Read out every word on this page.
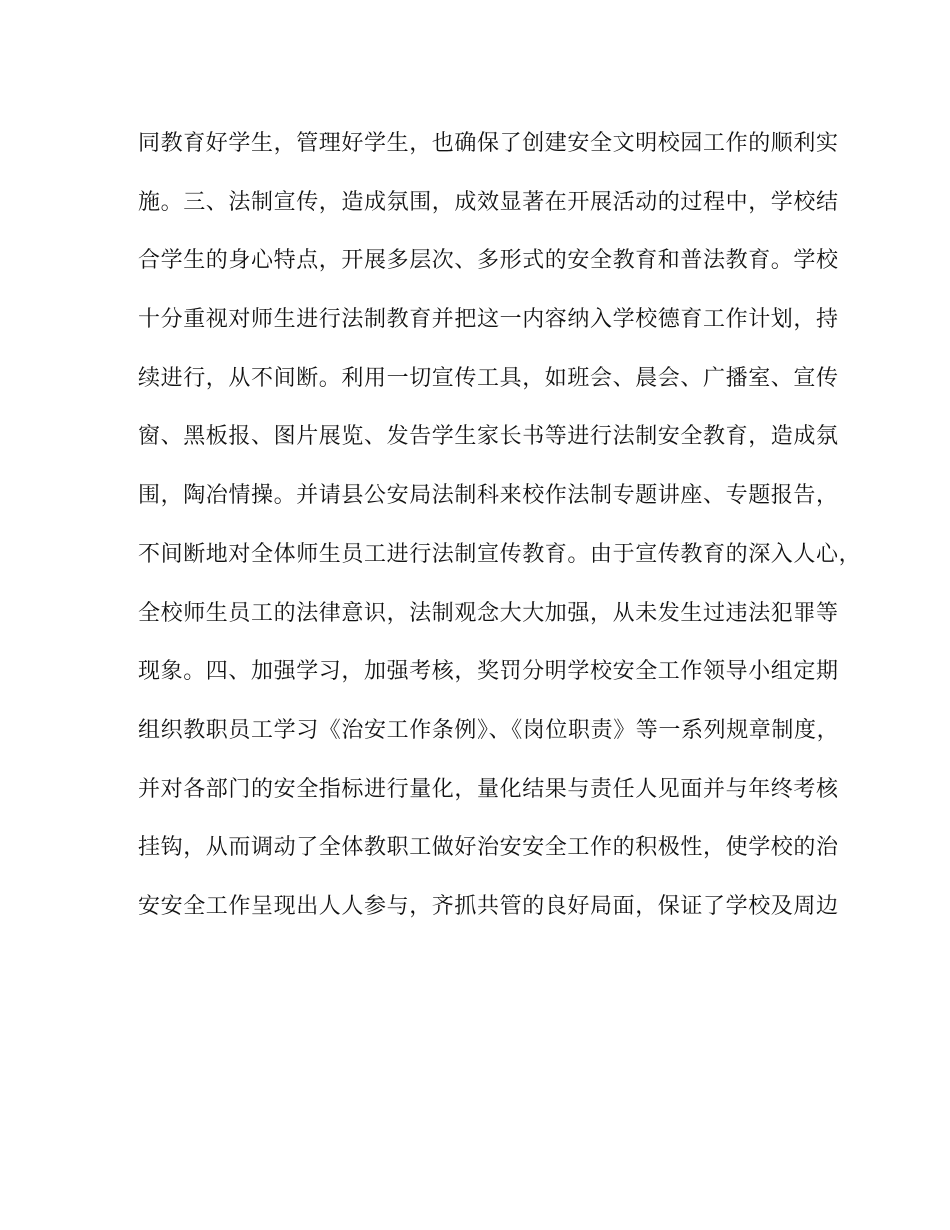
同教育好学生，管理好学生，也确保了创建安全文明校园工作的顺利实
施。三、法制宣传，造成氛围，成效显著在开展活动的过程中，学校结
合学生的身心特点，开展多层次、多形式的安全教育和普法教育。学校
十分重视对师生进行法制教育并把这一内容纳入学校德育工作计划，持
续进行，从不间断。利用一切宣传工具，如班会、晨会、广播室、宣传
窗、黑板报、图片展览、发告学生家长书等进行法制安全教育，造成氛
围，陶冶情操。并请县公安局法制科来校作法制专题讲座、专题报告，
不间断地对全体师生员工进行法制宣传教育。由于宣传教育的深入人心，
全校师生员工的法律意识，法制观念大大加强，从未发生过违法犯罪等
现象。四、加强学习，加强考核，奖罚分明学校安全工作领导小组定期
组织教职员工学习《治安工作条例》、《岗位职责》等一系列规章制度，
并对各部门的安全指标进行量化，量化结果与责任人见面并与年终考核
挂钩，从而调动了全体教职工做好治安安全工作的积极性，使学校的治
安安全工作呈现出人人参与，齐抓共管的良好局面，保证了学校及周边
